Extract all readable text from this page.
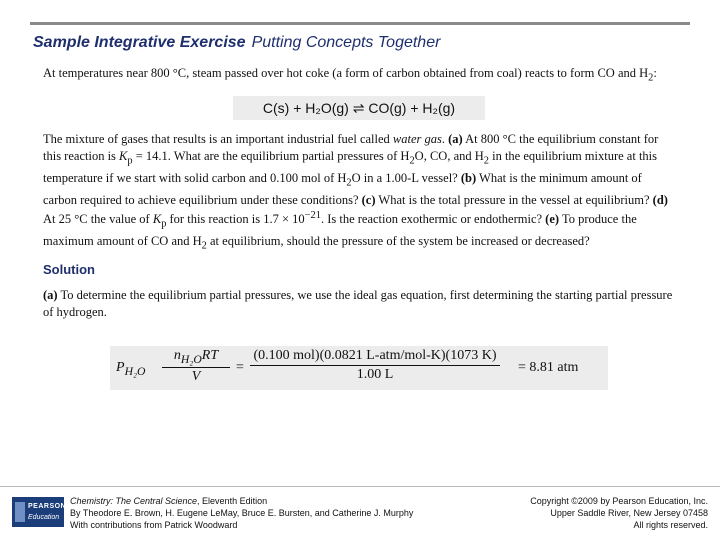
Sample Integrative Exercise Putting Concepts Together
At temperatures near 800 °C, steam passed over hot coke (a form of carbon obtained from coal) reacts to form CO and $H_2$:
C(s) + H₂O(g) ⇌ CO(g) + H₂(g)
The mixture of gases that results is an important industrial fuel called water gas. (a) At 800 °C the equilibrium constant for this reaction is $K_p = 14.1$. What are the equilibrium partial pressures of $H_2O$, CO, and $H_2$ in the equilibrium mixture at this temperature if we start with solid carbon and 0.100 mol of $H_2O$ in a 1.00-L vessel? (b) What is the minimum amount of carbon required to achieve equilibrium under these conditions? (c) What is the total pressure in the vessel at equilibrium? (d) At 25 °C the value of $K_p$ for this reaction is $1.7 \times 10^{-21}$. Is the reaction exothermic or endothermic? (e) To produce the maximum amount of CO and $H_2$ at equilibrium, should the pressure of the system be increased or decreased?
Solution
(a) To determine the equilibrium partial pressures, we use the ideal gas equation, first determining the starting partial pressure of hydrogen.
$P_{H_2O}$
$n_{H_2O}RT$
V
=
(0.100 mol)(0.0821 L-atm/mol-K)(1073 K)
1.00 L	= 8.81 atm
PEARSON
Education
Chemistry: The Central Science, Eleventh Edition
By Theodore E. Brown, H. Eugene LeMay, Bruce E. Bursten, and Catherine J. Murphy
With contributions from Patrick Woodward
Copyright ©2009 by Pearson Education, Inc.
Upper Saddle River, New Jersey 07458
All rights reserved.
